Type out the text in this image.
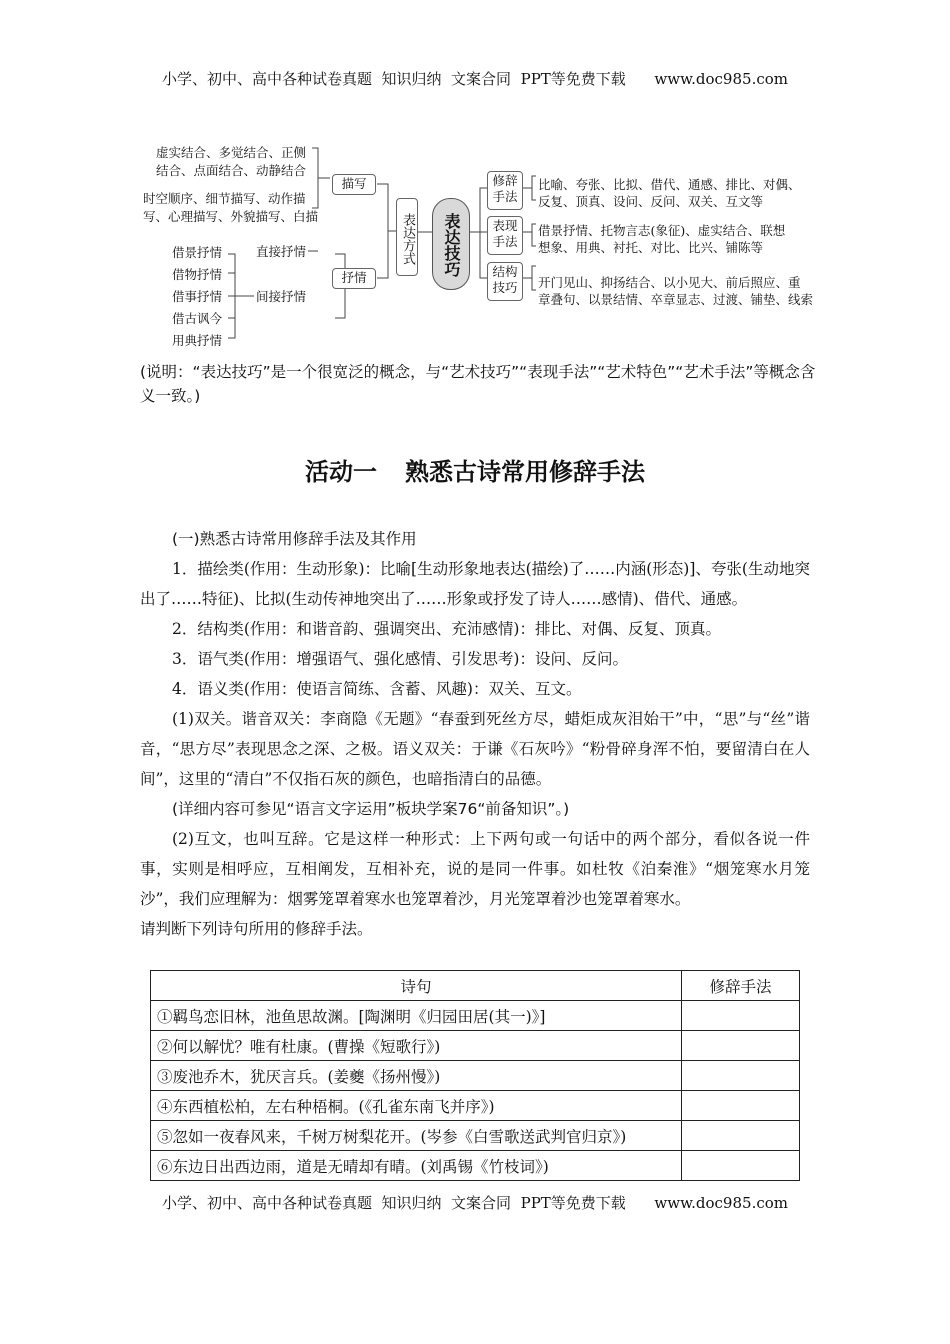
小学、初中、高中各种试卷真题  知识归纳  文案合同  PPT等免费下载      www.doc985.com
虚实结合、多觉结合、正侧
结合、点面结合、动静结合
时空顺序、细节描写、动作描
写、心理描写、外貌描写、白描
描写
抒情
直接抒情
间接抒情
借景抒情
借物抒情
借事抒情
借古讽今
用典抒情
表达方式	表达技巧
修辞手法
表现手法
结构技巧
比喻、夸张、比拟、借代、通感、排比、对偶、
反复、顶真、设问、反问、双关、互文等
借景抒情、托物言志(象征)、虚实结合、联想
想象、用典、衬托、对比、比兴、铺陈等
开门见山、抑扬结合、以小见大、前后照应、重
章叠句、以景结情、卒章显志、过渡、铺垫、线索
(说明：“表达技巧”是一个很宽泛的概念，与“艺术技巧”“表现手法”“艺术特色”“艺术手法”等概念含义一致。)
活动一 熟悉古诗常用修辞手法

(一)熟悉古诗常用修辞手法及其作用

1．描绘类(作用：生动形象)：比喻[生动形象地表达(描绘)了……内涵(形态)]、夸张(生动地突出了……特征)、比拟(生动传神地突出了……形象或抒发了诗人……感情)、借代、通感。

2．结构类(作用：和谐音韵、强调突出、充沛感情)：排比、对偶、反复、顶真。

3．语气类(作用：增强语气、强化感情、引发思考)：设问、反问。

4．语义类(作用：使语言简练、含蓄、风趣)：双关、互文。

(1)双关。谐音双关：李商隐《无题》“春蚕到死丝方尽，蜡炬成灰泪始干”中，“思”与“丝”谐音，“思方尽”表现思念之深、之极。语义双关：于谦《石灰吟》“粉骨碎身浑不怕，要留清白在人间”，这里的“清白”不仅指石灰的颜色，也暗指清白的品德。

(详细内容可参见“语言文字运用”板块学案76“前备知识”。)

(2)互文，也叫互辞。它是这样一种形式：上下两句或一句话中的两个部分，看似各说一件事，实则是相呼应，互相阐发，互相补充，说的是同一件事。如杜牧《泊秦淮》“烟笼寒水月笼沙”，我们应理解为：烟雾笼罩着寒水也笼罩着沙，月光笼罩着沙也笼罩着寒水。

请判断下列诗句所用的修辞手法。

诗句	修辞手法
①羁鸟恋旧林，池鱼思故渊。[陶渊明《归园田居(其一)》]	
②何以解忧？唯有杜康。(曹操《短歌行》)	
③废池乔木，犹厌言兵。(姜夔《扬州慢》)	
④东西植松柏，左右种梧桐。(《孔雀东南飞并序》)	
⑤忽如一夜春风来，千树万树梨花开。(岑参《白雪歌送武判官归京》)	
⑥东边日出西边雨，道是无晴却有晴。(刘禹锡《竹枝词》)	
小学、初中、高中各种试卷真题  知识归纳  文案合同  PPT等免费下载      www.doc985.com
